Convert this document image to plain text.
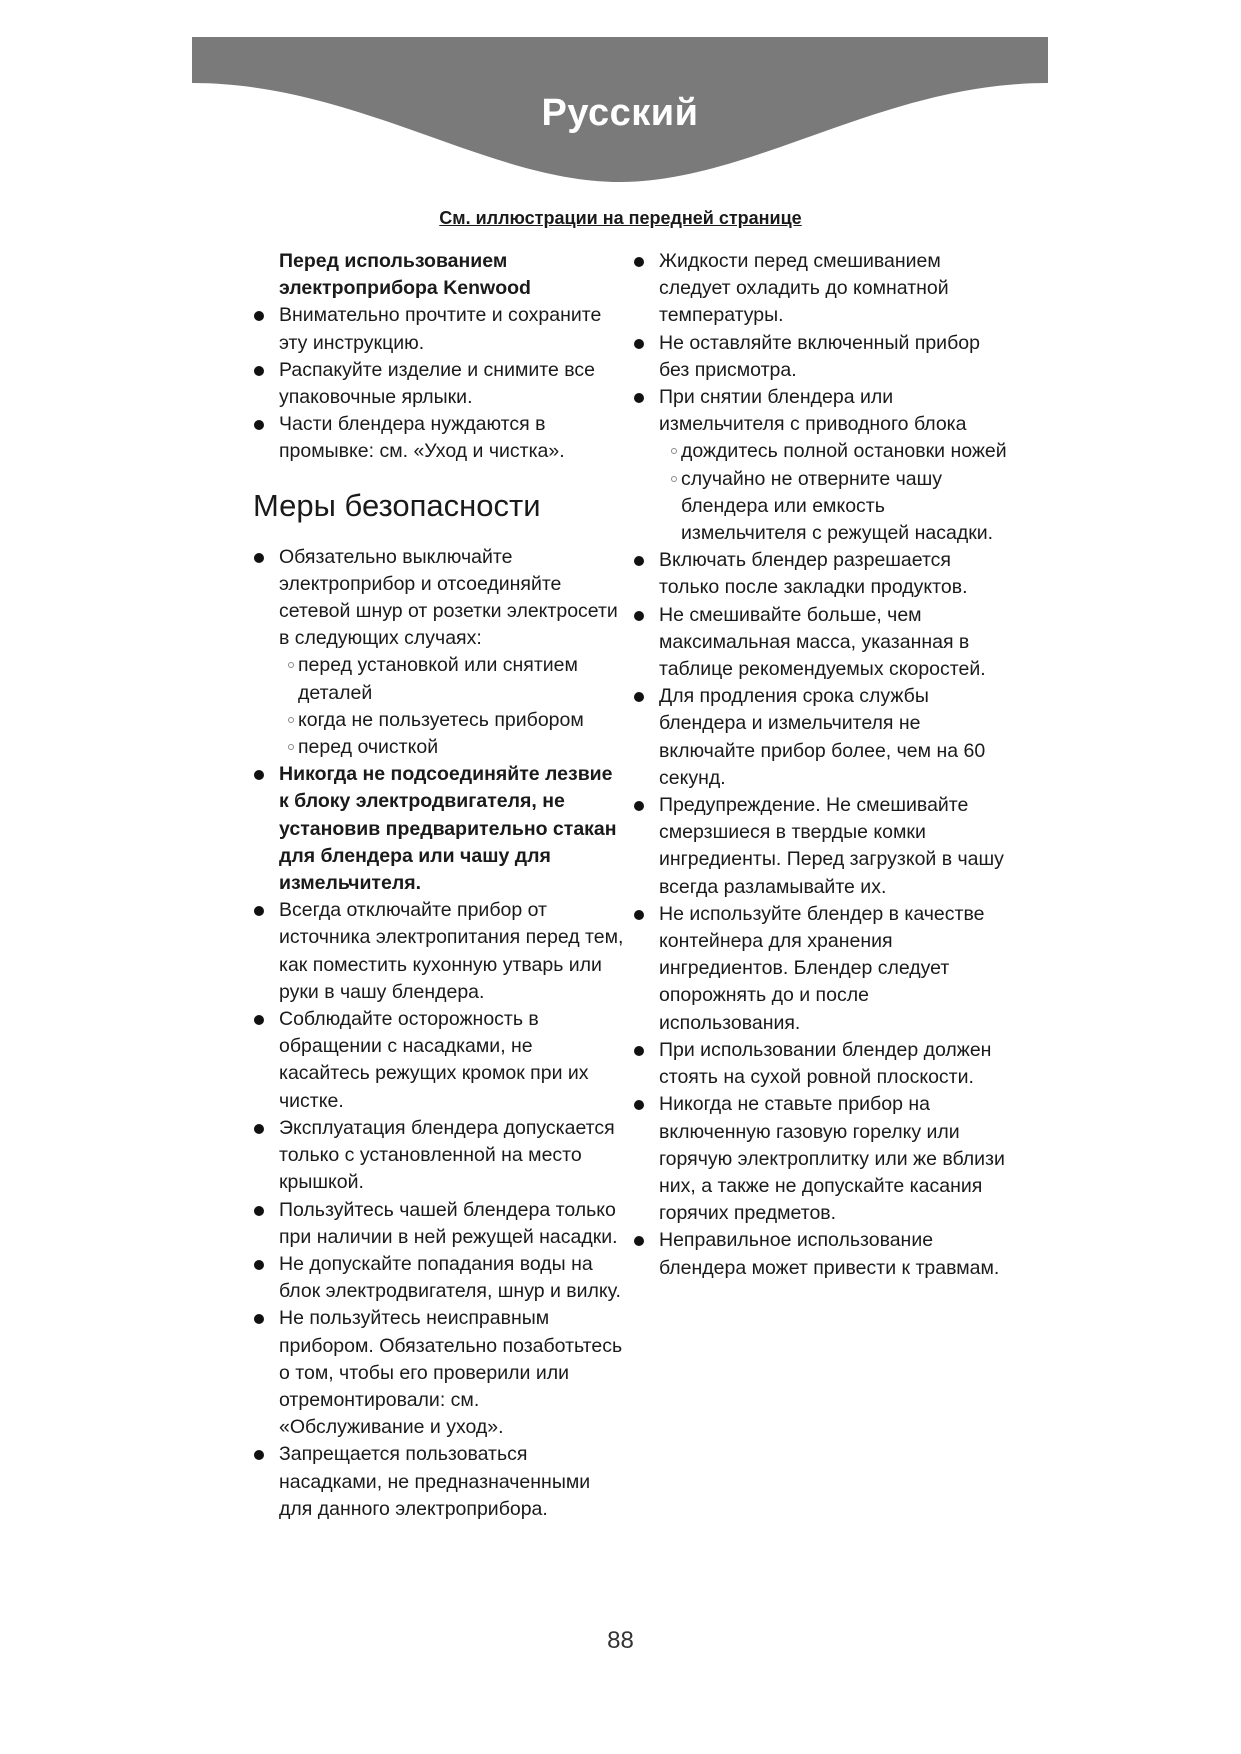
Русский
См. иллюстрации на передней странице

Перед использованием электроприбора Kenwood

Внимательно прочтите и сохраните эту инструкцию.

Распакуйте изделие и снимите все упаковочные ярлыки.

Части блендера нуждаются в промывке: см. «Уход и чистка».

Меры безопасности

Обязательно выключайте электроприбор и отсоединяйте сетевой шнур от розетки электросети в следующих случаях:

перед установкой или снятием деталей

когда не пользуетесь прибором

перед очисткой

Никогда не подсоединяйте лезвие к блоку электродвигателя, не установив предварительно стакан для блендера или чашу для измельчителя.

Всегда отключайте прибор от источника электропитания перед тем, как поместить кухонную утварь или руки в чашу блендера.

Соблюдайте осторожность в обращении с насадками, не касайтесь режущих кромок при их чистке.

Эксплуатация блендера допускается только с установленной на место крышкой.

Пользуйтесь чашей блендера только при наличии в ней режущей насадки.

Не допускайте попадания воды на блок электродвигателя, шнур и вилку.

Не пользуйтесь неисправным прибором. Обязательно позаботьтесь о том, чтобы его проверили или отремонтировали: см. «Обслуживание и уход».

Запрещается пользоваться насадками, не предназначенными для данного электроприбора.

Жидкости перед смешиванием следует охладить до комнатной температуры.

Не оставляйте включенный прибор без присмотра.

При снятии блендера или измельчителя с приводного блока

дождитесь полной остановки ножей

случайно не отверните чашу блендера или емкость измельчителя с режущей насадки.

Включать блендер разрешается только после закладки продуктов.

Не смешивайте больше, чем максимальная масса, указанная в таблице рекомендуемых скоростей.

Для продления срока службы блендера и измельчителя не включайте прибор более, чем на 60 секунд.

Предупреждение. Не смешивайте смерзшиеся в твердые комки ингредиенты. Перед загрузкой в чашу всегда разламывайте их.

Не используйте блендер в качестве контейнера для хранения ингредиентов. Блендер следует опорожнять до и после использования.

При использовании блендер должен стоять на сухой ровной плоскости.

Никогда не ставьте прибор на включенную газовую горелку или горячую электроплитку или же вблизи них, а также не допускайте касания горячих предметов.

Неправильное использование блендера может привести к травмам.

88
